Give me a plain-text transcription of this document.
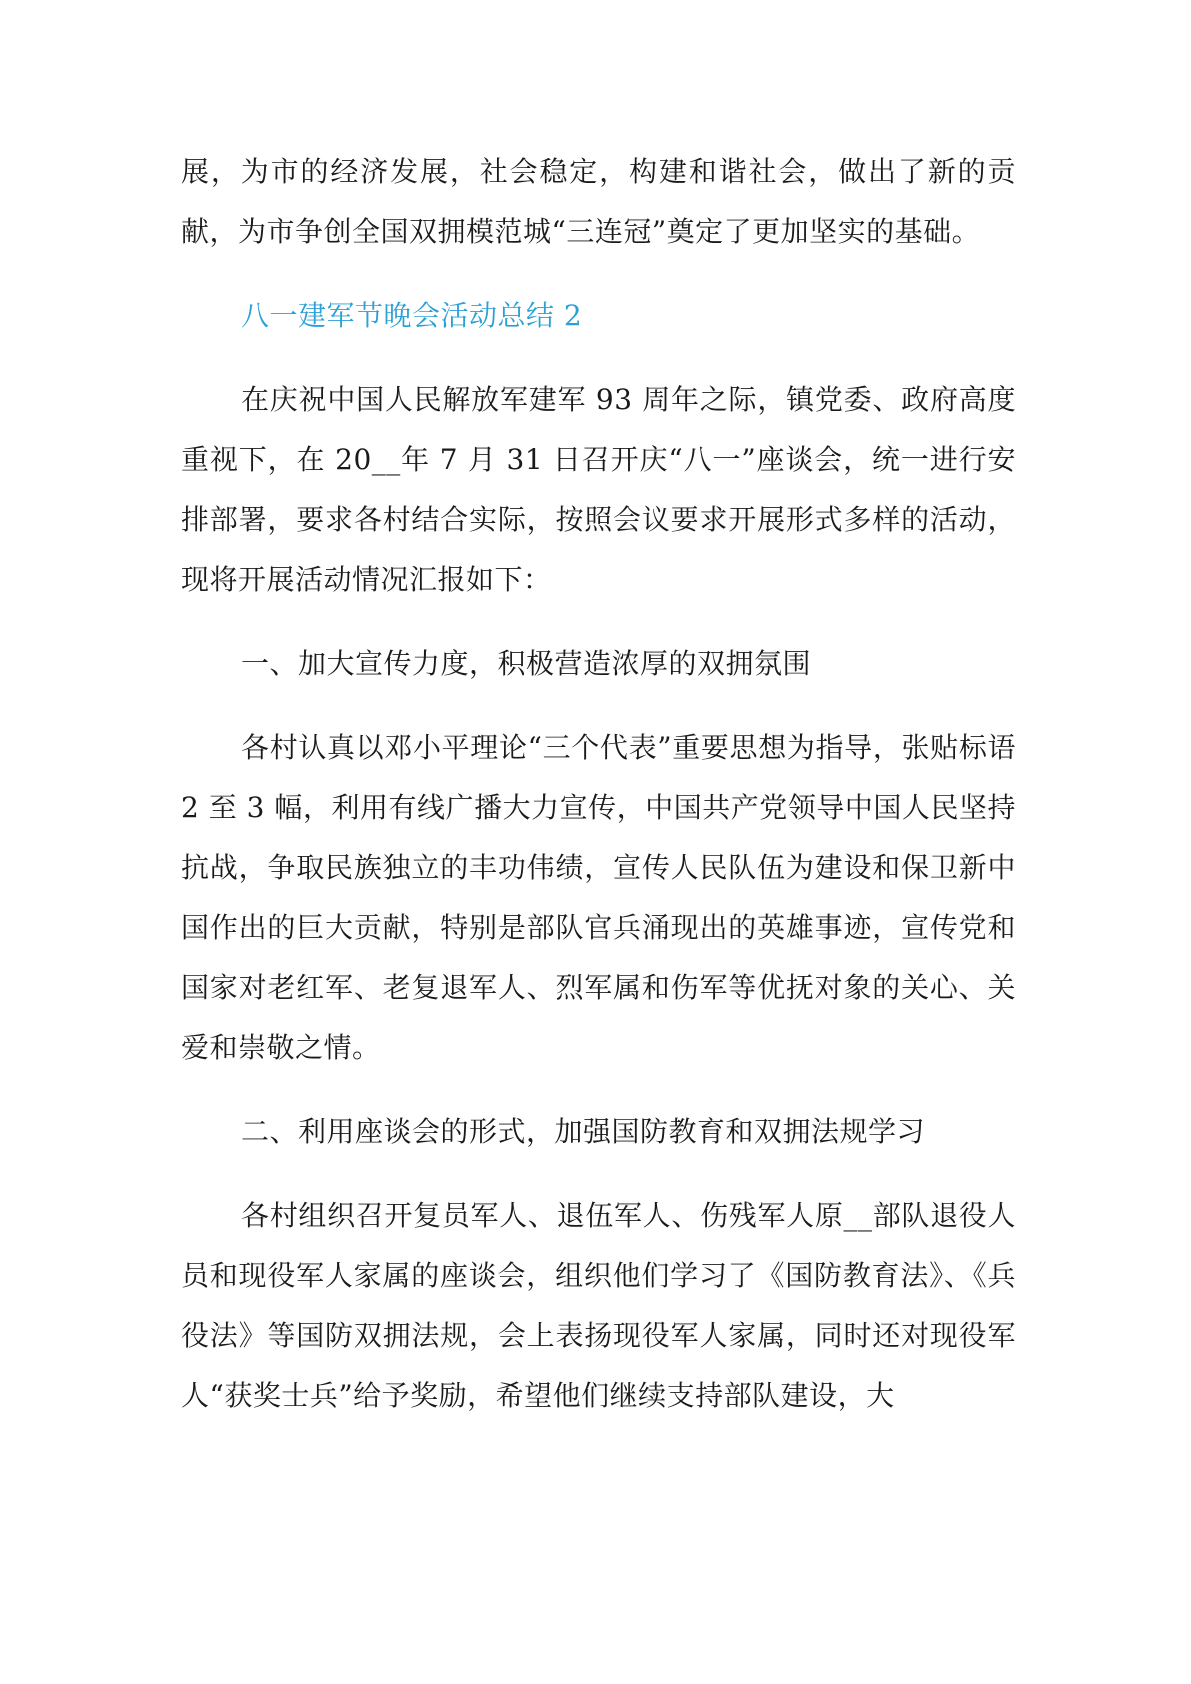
展，为市的经济发展，社会稳定，构建和谐社会，做出了新的贡献，为市争创全国双拥模范城“三连冠”奠定了更加坚实的基础。

八一建军节晚会活动总结 2

在庆祝中国人民解放军建军 93 周年之际，镇党委、政府高度重视下，在 20__年 7 月 31 日召开庆“八一”座谈会，统一进行安排部署，要求各村结合实际，按照会议要求开展形式多样的活动，现将开展活动情况汇报如下：

一、加大宣传力度，积极营造浓厚的双拥氛围

各村认真以邓小平理论“三个代表”重要思想为指导，张贴标语 2 至 3 幅，利用有线广播大力宣传，中国共产党领导中国人民坚持抗战，争取民族独立的丰功伟绩，宣传人民队伍为建设和保卫新中国作出的巨大贡献，特别是部队官兵涌现出的英雄事迹，宣传党和国家对老红军、老复退军人、烈军属和伤军等优抚对象的关心、关爱和崇敬之情。

二、利用座谈会的形式，加强国防教育和双拥法规学习

各村组织召开复员军人、退伍军人、伤残军人原__部队退役人员和现役军人家属的座谈会，组织他们学习了《国防教育法》、《兵役法》等国防双拥法规，会上表扬现役军人家属，同时还对现役军人“获奖士兵”给予奖励，希望他们继续支持部队建设，大
